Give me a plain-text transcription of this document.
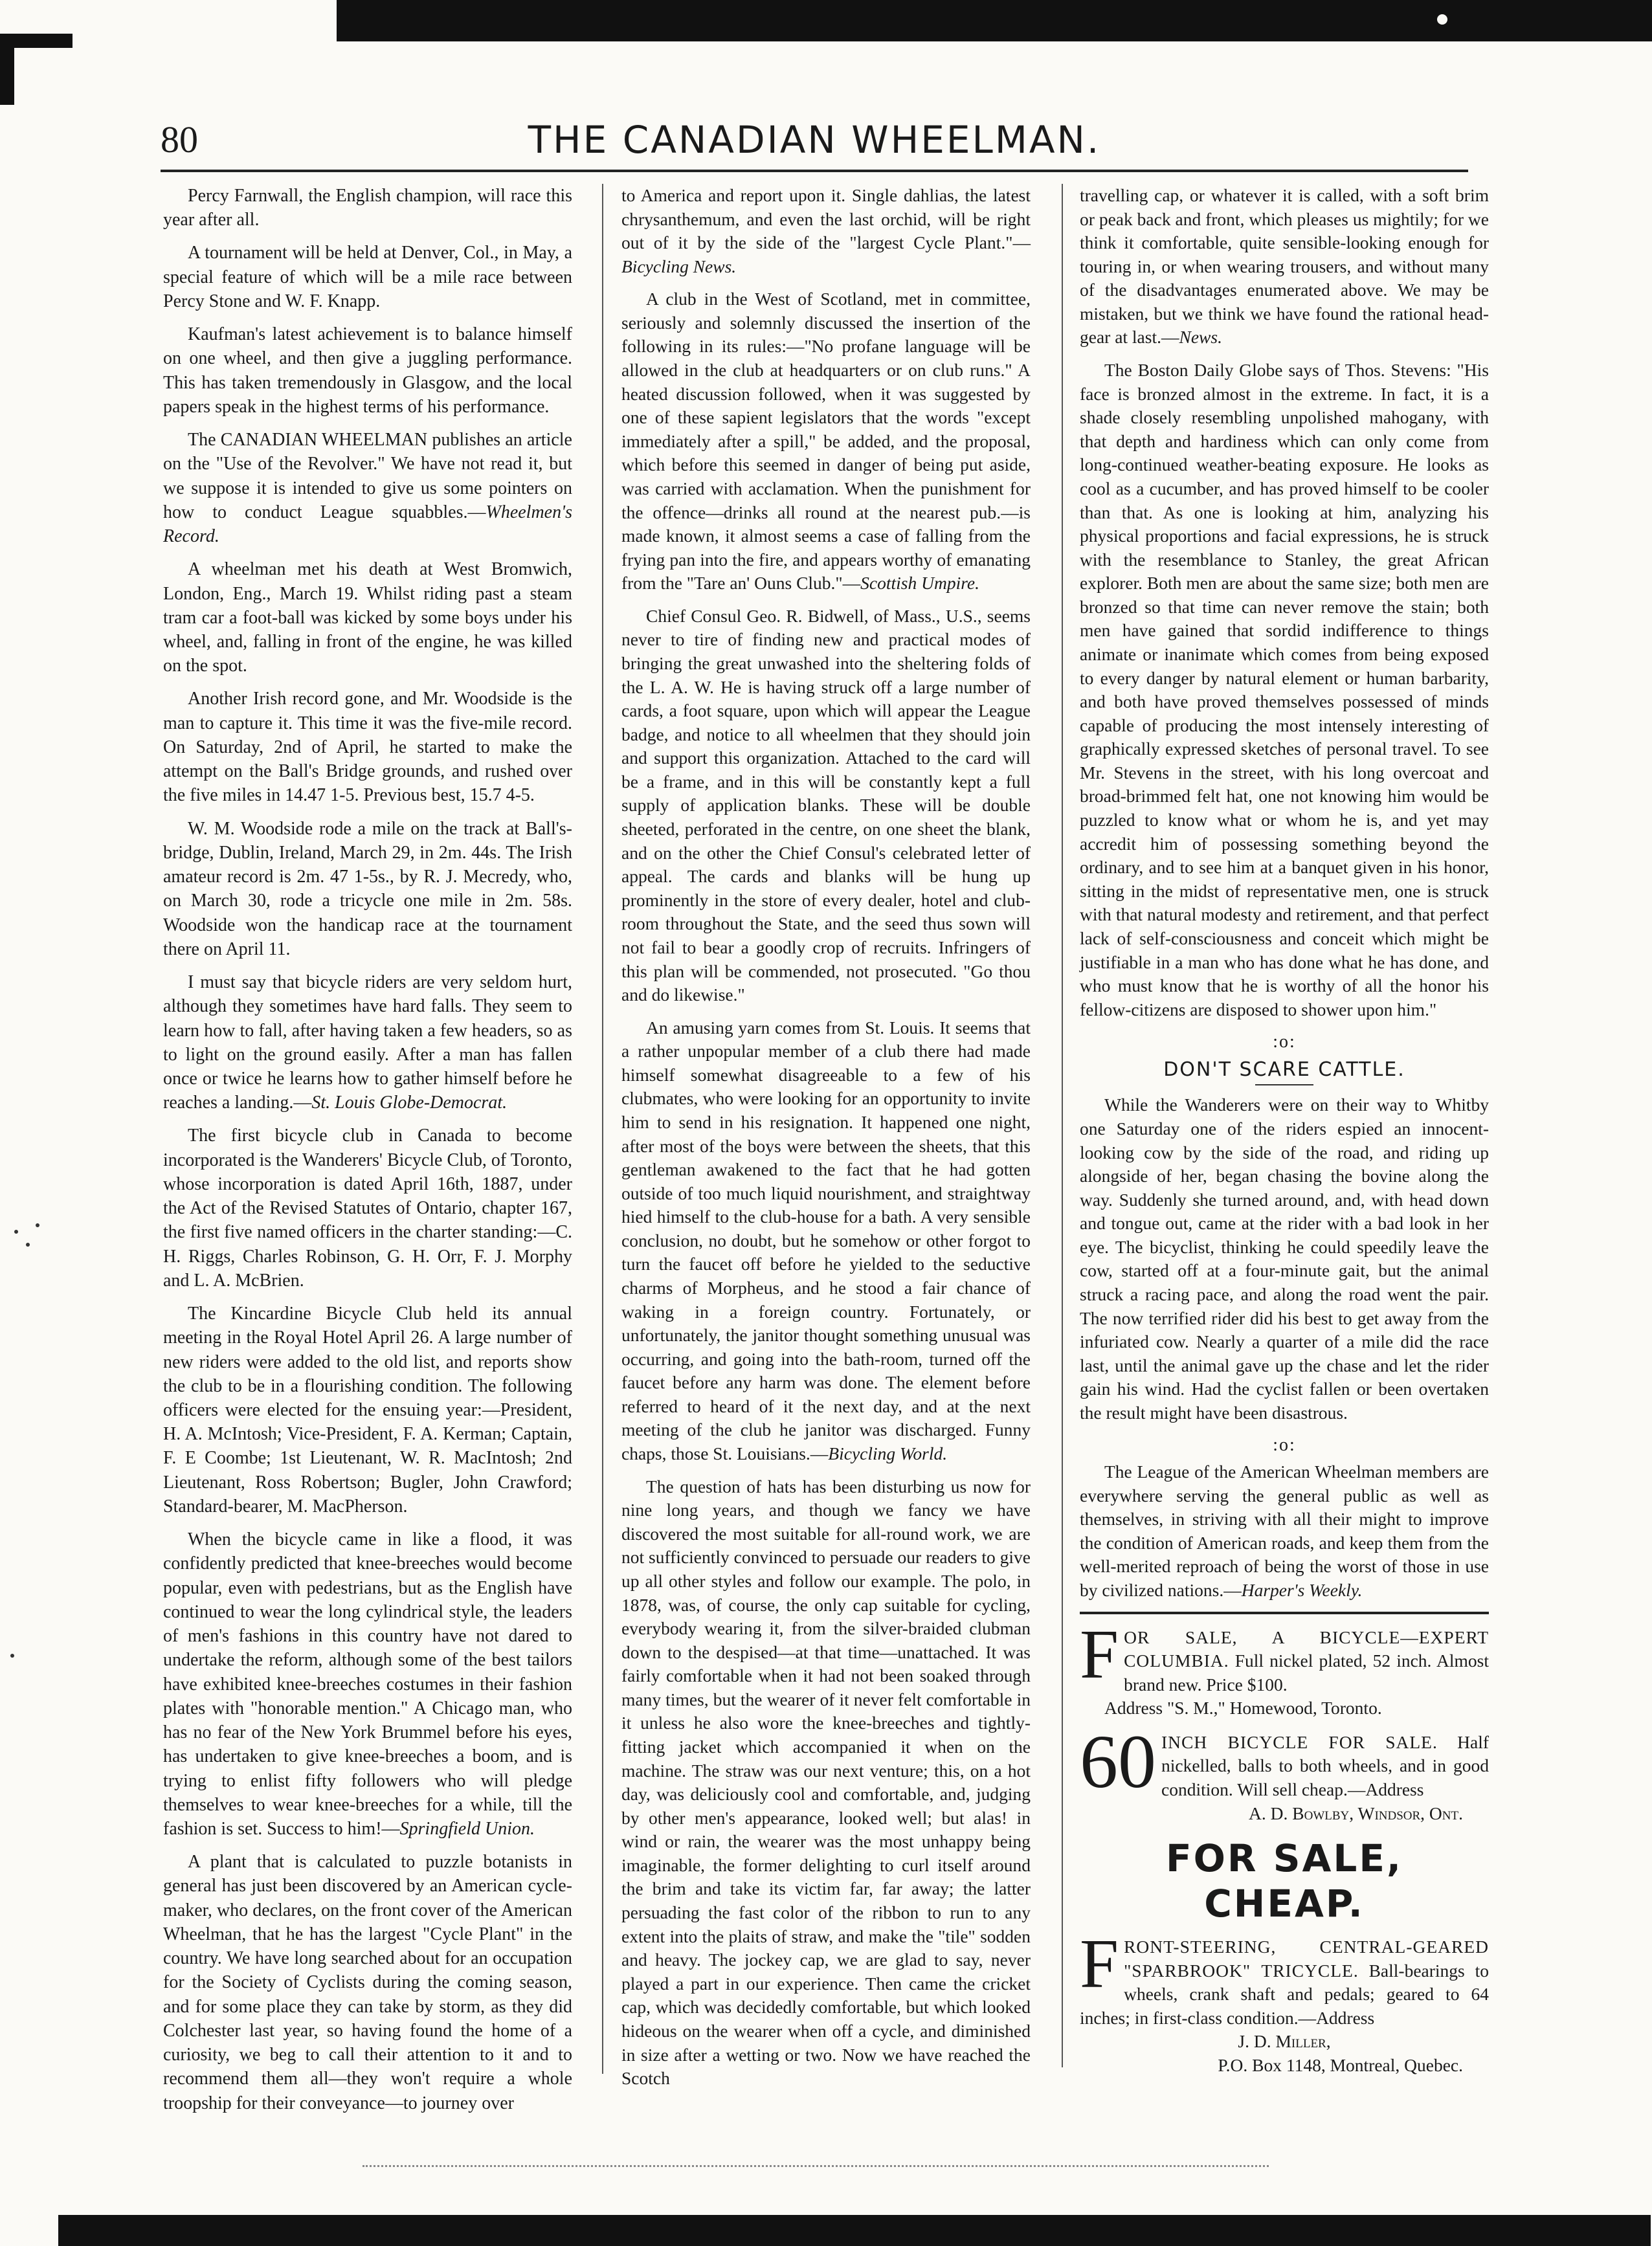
80	THE CANADIAN WHEELMAN.

Percy Farnwall, the English champion, will race this year after all.

A tournament will be held at Denver, Col., in May, a special feature of which will be a mile race between Percy Stone and W. F. Knapp.

Kaufman's latest achievement is to balance himself on one wheel, and then give a juggling performance. This has taken tremendously in Glasgow, and the local papers speak in the highest terms of his performance.

The CANADIAN WHEELMAN publishes an article on the "Use of the Revolver." We have not read it, but we suppose it is intended to give us some pointers on how to conduct League squabbles.—Wheelmen's Record.

A wheelman met his death at West Bromwich, London, Eng., March 19. Whilst riding past a steam tram car a foot-ball was kicked by some boys under his wheel, and, falling in front of the engine, he was killed on the spot.

Another Irish record gone, and Mr. Woodside is the man to capture it. This time it was the five-mile record. On Saturday, 2nd of April, he started to make the attempt on the Ball's Bridge grounds, and rushed over the five miles in 14.47 1-5. Previous best, 15.7 4-5.

W. M. Woodside rode a mile on the track at Ball's-bridge, Dublin, Ireland, March 29, in 2m. 44s. The Irish amateur record is 2m. 47 1-5s., by R. J. Mecredy, who, on March 30, rode a tricycle one mile in 2m. 58s. Woodside won the handicap race at the tournament there on April 11.

I must say that bicycle riders are very seldom hurt, although they sometimes have hard falls. They seem to learn how to fall, after having taken a few headers, so as to light on the ground easily. After a man has fallen once or twice he learns how to gather himself before he reaches a landing.—St. Louis Globe-Democrat.

The first bicycle club in Canada to become incorporated is the Wanderers' Bicycle Club, of Toronto, whose incorporation is dated April 16th, 1887, under the Act of the Revised Statutes of Ontario, chapter 167, the first five named officers in the charter standing:—C. H. Riggs, Charles Robinson, G. H. Orr, F. J. Morphy and L. A. McBrien.

The Kincardine Bicycle Club held its annual meeting in the Royal Hotel April 26. A large number of new riders were added to the old list, and reports show the club to be in a flourishing condition. The following officers were elected for the ensuing year:—President, H. A. McIntosh; Vice-President, F. A. Kerman; Captain, F. E Coombe; 1st Lieutenant, W. R. MacIntosh; 2nd Lieutenant, Ross Robertson; Bugler, John Crawford; Standard-bearer, M. MacPherson.

When the bicycle came in like a flood, it was confidently predicted that knee-breeches would become popular, even with pedestrians, but as the English have continued to wear the long cylindrical style, the leaders of men's fashions in this country have not dared to undertake the reform, although some of the best tailors have exhibited knee-breeches costumes in their fashion plates with "honorable mention." A Chicago man, who has no fear of the New York Brummel before his eyes, has undertaken to give knee-breeches a boom, and is trying to enlist fifty followers who will pledge themselves to wear knee-breeches for a while, till the fashion is set. Success to him!—Springfield Union.

A plant that is calculated to puzzle botanists in general has just been discovered by an American cycle-maker, who declares, on the front cover of the American Wheelman, that he has the largest "Cycle Plant" in the country. We have long searched about for an occupation for the Society of Cyclists during the coming season, and for some place they can take by storm, as they did Colchester last year, so having found the home of a curiosity, we beg to call their attention to it and to recommend them all—they won't require a whole troopship for their conveyance—to journey over

to America and report upon it. Single dahlias, the latest chrysanthemum, and even the last orchid, will be right out of it by the side of the "largest Cycle Plant."—Bicycling News.

A club in the West of Scotland, met in committee, seriously and solemnly discussed the insertion of the following in its rules:—"No profane language will be allowed in the club at headquarters or on club runs." A heated discussion followed, when it was suggested by one of these sapient legislators that the words "except immediately after a spill," be added, and the proposal, which before this seemed in danger of being put aside, was carried with acclamation. When the punishment for the offence—drinks all round at the nearest pub.—is made known, it almost seems a case of falling from the frying pan into the fire, and appears worthy of emanating from the "Tare an' Ouns Club."—Scottish Umpire.

Chief Consul Geo. R. Bidwell, of Mass., U.S., seems never to tire of finding new and practical modes of bringing the great unwashed into the sheltering folds of the L. A. W. He is having struck off a large number of cards, a foot square, upon which will appear the League badge, and notice to all wheelmen that they should join and support this organization. Attached to the card will be a frame, and in this will be constantly kept a full supply of application blanks. These will be double sheeted, perforated in the centre, on one sheet the blank, and on the other the Chief Consul's celebrated letter of appeal. The cards and blanks will be hung up prominently in the store of every dealer, hotel and club-room throughout the State, and the seed thus sown will not fail to bear a goodly crop of recruits. Infringers of this plan will be commended, not prosecuted. "Go thou and do likewise."

An amusing yarn comes from St. Louis. It seems that a rather unpopular member of a club there had made himself somewhat disagreeable to a few of his clubmates, who were looking for an opportunity to invite him to send in his resignation. It happened one night, after most of the boys were between the sheets, that this gentleman awakened to the fact that he had gotten outside of too much liquid nourishment, and straightway hied himself to the club-house for a bath. A very sensible conclusion, no doubt, but he somehow or other forgot to turn the faucet off before he yielded to the seductive charms of Morpheus, and he stood a fair chance of waking in a foreign country. Fortunately, or unfortunately, the janitor thought something unusual was occurring, and going into the bath-room, turned off the faucet before any harm was done. The element before referred to heard of it the next day, and at the next meeting of the club he janitor was discharged. Funny chaps, those St. Louisians.—Bicycling World.

The question of hats has been disturbing us now for nine long years, and though we fancy we have discovered the most suitable for all-round work, we are not sufficiently convinced to persuade our readers to give up all other styles and follow our example. The polo, in 1878, was, of course, the only cap suitable for cycling, everybody wearing it, from the silver-braided clubman down to the despised—at that time—unattached. It was fairly comfortable when it had not been soaked through many times, but the wearer of it never felt comfortable in it unless he also wore the knee-breeches and tightly-fitting jacket which accompanied it when on the machine. The straw was our next venture; this, on a hot day, was deliciously cool and comfortable, and, judging by other men's appearance, looked well; but alas! in wind or rain, the wearer was the most unhappy being imaginable, the former delighting to curl itself around the brim and take its victim far, far away; the latter persuading the fast color of the ribbon to run to any extent into the plaits of straw, and make the "tile" sodden and heavy. The jockey cap, we are glad to say, never played a part in our experience. Then came the cricket cap, which was decidedly comfortable, but which looked hideous on the wearer when off a cycle, and diminished in size after a wetting or two. Now we have reached the Scotch

travelling cap, or whatever it is called, with a soft brim or peak back and front, which pleases us mightily; for we think it comfortable, quite sensible-looking enough for touring in, or when wearing trousers, and without many of the disadvantages enumerated above. We may be mistaken, but we think we have found the rational head-gear at last.—News.

The Boston Daily Globe says of Thos. Stevens: "His face is bronzed almost in the extreme. In fact, it is a shade closely resembling unpolished mahogany, with that depth and hardiness which can only come from long-continued weather-beating exposure. He looks as cool as a cucumber, and has proved himself to be cooler than that. As one is looking at him, analyzing his physical proportions and facial expressions, he is struck with the resemblance to Stanley, the great African explorer. Both men are about the same size; both men are bronzed so that time can never remove the stain; both men have gained that sordid indifference to things animate or inanimate which comes from being exposed to every danger by natural element or human barbarity, and both have proved themselves possessed of minds capable of producing the most intensely interesting of graphically expressed sketches of personal travel. To see Mr. Stevens in the street, with his long overcoat and broad-brimmed felt hat, one not knowing him would be puzzled to know what or whom he is, and yet may accredit him of possessing something beyond the ordinary, and to see him at a banquet given in his honor, sitting in the midst of representative men, one is struck with that natural modesty and retirement, and that perfect lack of self-consciousness and conceit which might be justifiable in a man who has done what he has done, and who must know that he is worthy of all the honor his fellow-citizens are disposed to shower upon him."

:o:
DON'T SCARE CATTLE.

While the Wanderers were on their way to Whitby one Saturday one of the riders espied an innocent-looking cow by the side of the road, and riding up alongside of her, began chasing the bovine along the way. Suddenly she turned around, and, with head down and tongue out, came at the rider with a bad look in her eye. The bicyclist, thinking he could speedily leave the cow, started off at a four-minute gait, but the animal struck a racing pace, and along the road went the pair. The now terrified rider did his best to get away from the infuriated cow. Nearly a quarter of a mile did the race last, until the animal gave up the chase and let the rider gain his wind. Had the cyclist fallen or been overtaken the result might have been disastrous.

:o:

The League of the American Wheelman members are everywhere serving the general public as well as themselves, in striving with all their might to improve the condition of American roads, and keep them from the well-merited reproach of being the worst of those in use by civilized nations.—Harper's Weekly.

F OR SALE, A BICYCLE—EXPERT COLUMBIA. Full nickel plated, 52 inch. Almost brand new. Price $100.
Address "S. M.," Homewood, Toronto.
60 INCH BICYCLE FOR SALE. Half nickelled, balls to both wheels, and in good condition. Will sell cheap.—Address
A. D. Bowlby, Windsor, Ont.
FOR SALE, CHEAP.
F RONT-STEERING, CENTRAL-GEARED "SPARBROOK" TRICYCLE. Ball-bearings to wheels, crank shaft and pedals; geared to 64 inches; in first-class condition.—Address
J. D. Miller,
P.O. Box 1148, Montreal, Quebec.
